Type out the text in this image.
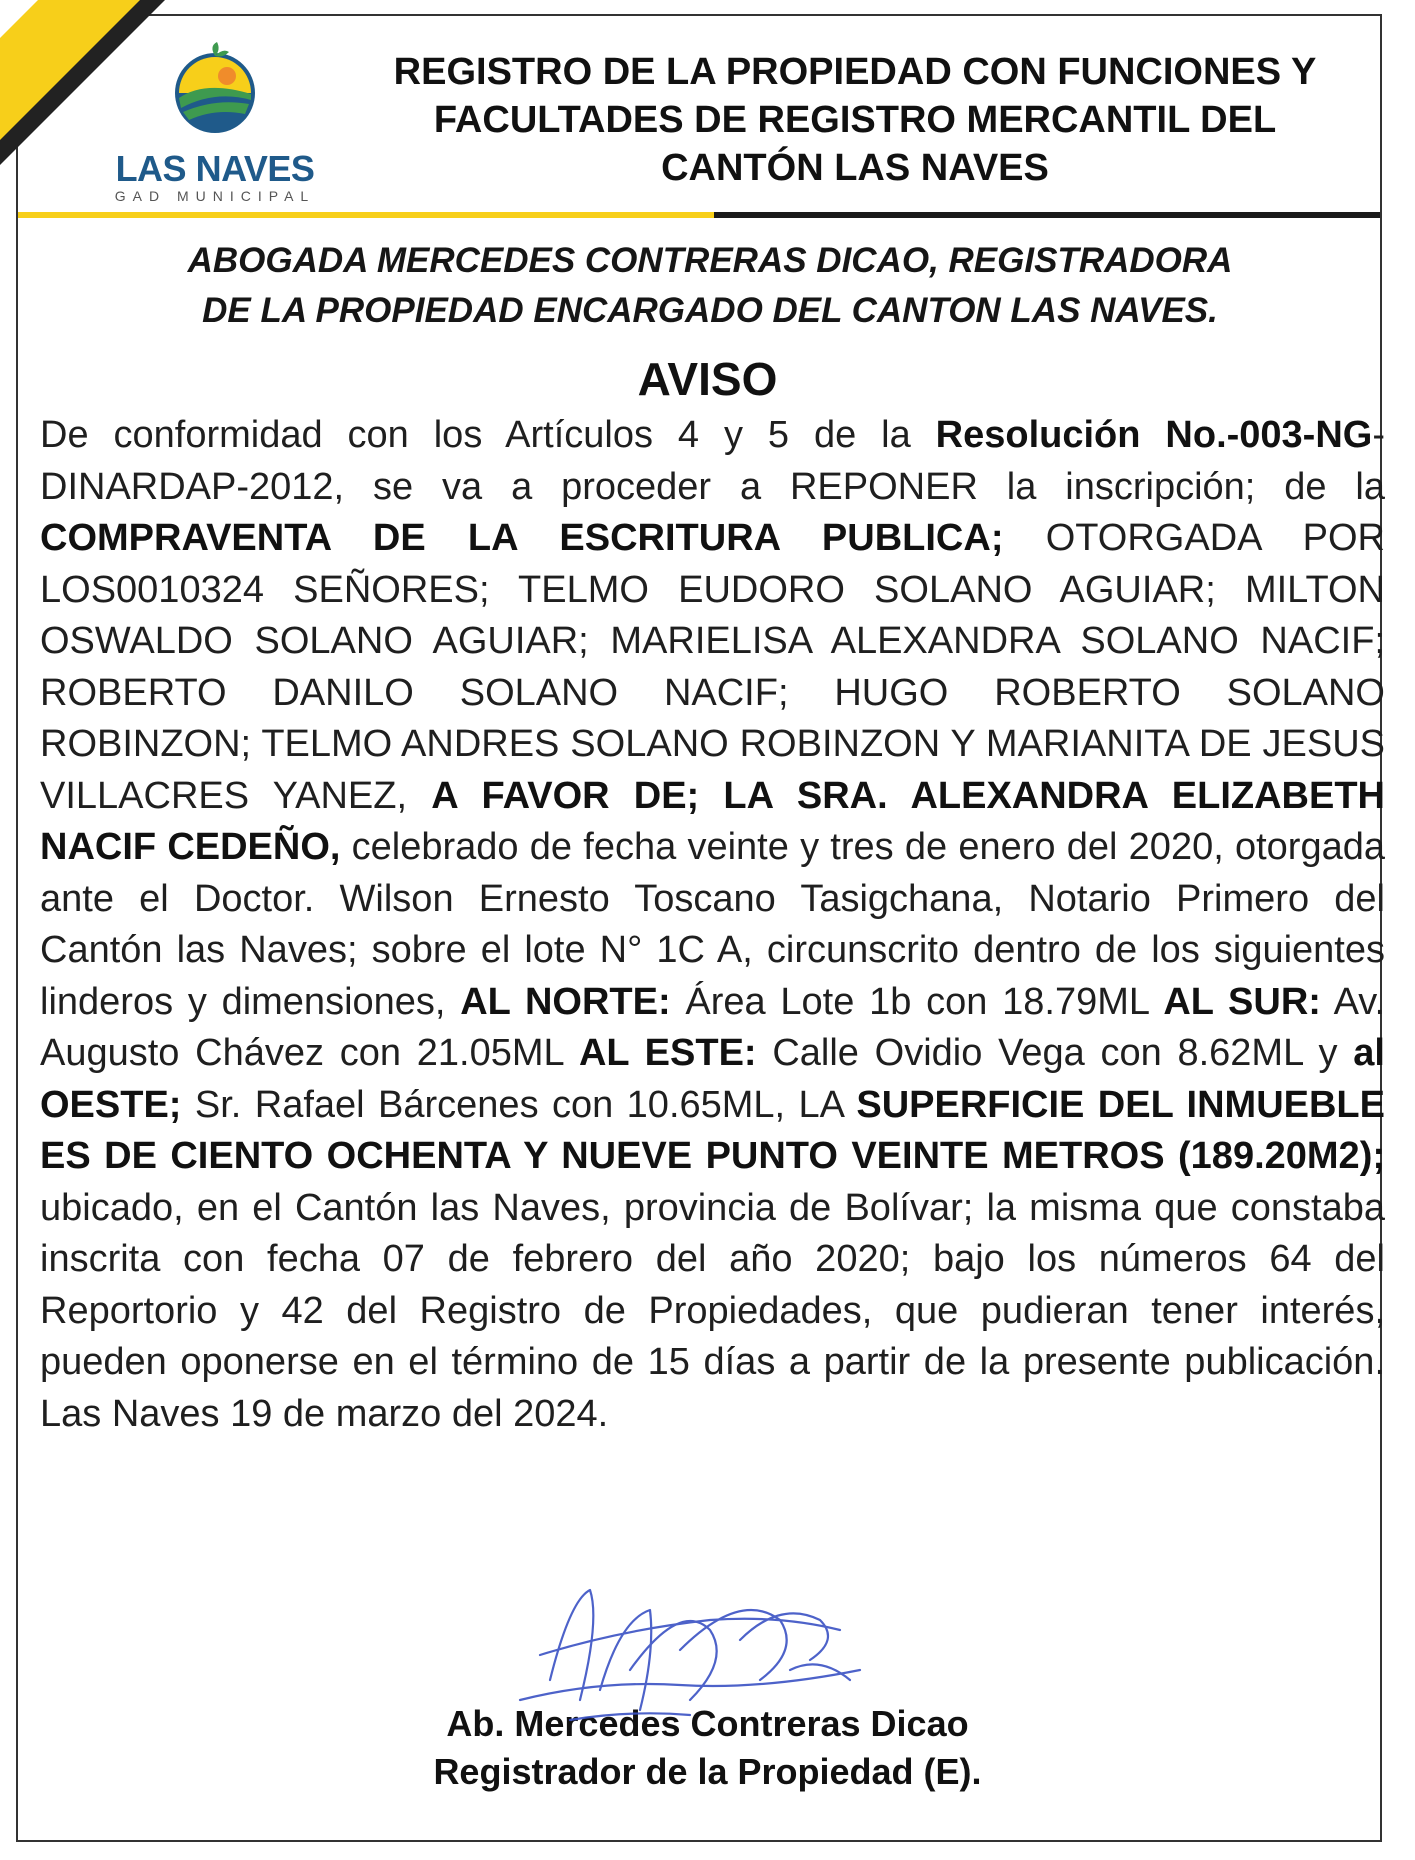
LAS NAVES
GAD MUNICIPAL
REGISTRO DE LA PROPIEDAD CON FUNCIONES Y
FACULTADES DE REGISTRO MERCANTIL DEL
CANTÓN LAS NAVES
ABOGADA MERCEDES CONTRERAS DICAO, REGISTRADORA
DE LA PROPIEDAD ENCARGADO DEL CANTON LAS NAVES.
AVISO
De conformidad con los Artículos 4 y 5 de la Resolución No.-003-NG- DINARDAP-2012, se va a proceder a REPONER la inscripción; de la COMPRAVENTA DE LA ESCRITURA PUBLICA; OTORGADA POR LOS0010324 SEÑORES; TELMO EUDORO SOLANO AGUIAR; MILTON OSWALDO SOLANO AGUIAR; MARIELISA ALEXANDRA SOLANO NACIF; ROBERTO DANILO SOLANO NACIF; HUGO ROBERTO SOLANO ROBINZON; TELMO ANDRES SOLANO ROBINZON Y MARIANITA DE JESUS VILLACRES YANEZ, A FAVOR DE; LA SRA. ALEXANDRA ELIZABETH NACIF CEDEÑO, celebrado de fecha veinte y tres de enero del 2020, otorgada ante el Doctor. Wilson Ernesto Toscano Tasigchana, Notario Primero del Cantón las Naves; sobre el lote N° 1C A, circunscrito dentro de los siguientes linderos y dimensiones, AL NORTE: Área Lote 1b con 18.79ML AL SUR: Av. Augusto Chávez con 21.05ML AL ESTE: Calle Ovidio Vega con 8.62ML y al OESTE; Sr. Rafael Bárcenes con 10.65ML, LA SUPERFICIE DEL INMUEBLE ES DE CIENTO OCHENTA Y NUEVE PUNTO VEINTE METROS (189.20M2); ubicado, en el Cantón las Naves, provincia de Bolívar; la misma que constaba inscrita con fecha 07 de febrero del año 2020; bajo los números 64 del Reportorio y 42 del Registro de Propiedades, que pudieran tener interés, pueden oponerse en el término de 15 días a partir de la presente publicación. Las Naves 19 de marzo del 2024.
Ab. Mercedes Contreras Dicao
Registrador de la Propiedad (E).
